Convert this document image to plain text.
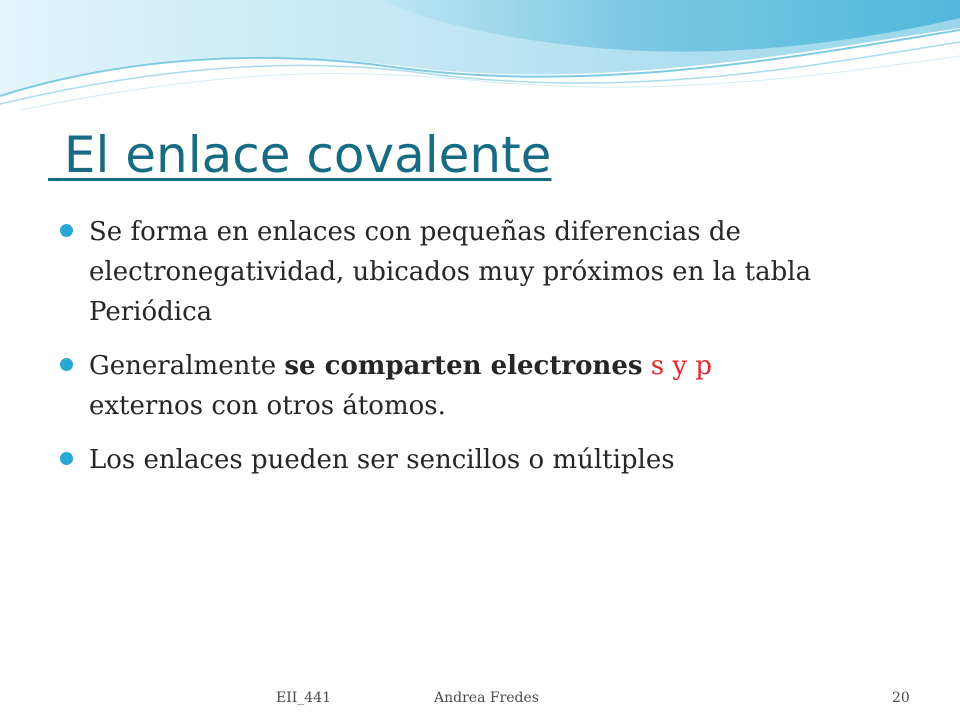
El enlace covalente
Se forma en enlaces con pequeñas diferencias de electronegatividad, ubicados muy próximos en la tabla Periódica
Generalmente se comparten electrones s y p
externos con otros átomos.
Los enlaces pueden ser sencillos o múltiples
EII_441	Andrea Fredes	20
